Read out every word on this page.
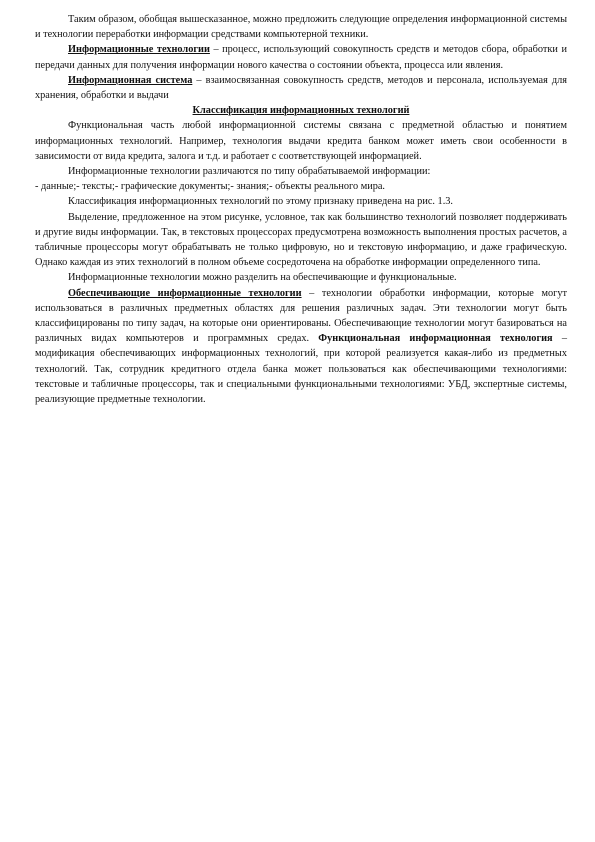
Таким образом, обобщая вышесказанное, можно предложить следующие определения информационной системы и технологии переработки информации средствами компьютерной техники.

Информационные технологии – процесс, использующий совокупность средств и методов сбора, обработки и передачи данных для получения информации нового качества о состоянии объекта, процесса или явления.

Информационная система – взаимосвязанная совокупность средств, методов и персонала, используемая для хранения, обработки и выдачи

Классификация информационных технологий

Функциональная часть любой информационной системы связана с предметной областью и понятием информационных технологий. Например, технология выдачи кредита банком может иметь свои особенности в зависимости от вида кредита, залога и т.д. и работает с соответствующей информацией.

Информационные технологии различаются по типу обрабатываемой информации:

- данные;- тексты;- графические документы;- знания;- объекты реального мира.

Классификация информационных технологий по этому признаку приведена на рис. 1.3.

Выделение, предложенное на этом рисунке, условное, так как большинство технологий позволяет поддерживать и другие виды информации. Так, в текстовых процессорах предусмотрена возможность выполнения простых расчетов, а табличные процессоры могут обрабатывать не только цифровую, но и текстовую информацию, и даже графическую. Однако каждая из этих технологий в полном объеме сосредоточена на обработке информации определенного типа.

Информационные технологии можно разделить на обеспечивающие и функциональные.

Обеспечивающие информационные технологии – технологии обработки информации, которые могут использоваться в различных предметных областях для решения различных задач. Эти технологии могут быть классифицированы по типу задач, на которые они ориентированы. Обеспечивающие технологии могут базироваться на различных видах компьютеров и программных средах. Функциональная информационная технология – модификация обеспечивающих информационных технологий, при которой реализуется какая-либо из предметных технологий. Так, сотрудник кредитного отдела банка может пользоваться как обеспечивающими технологиями: текстовые и табличные процессоры, так и специальными функциональными технологиями: УБД, экспертные системы, реализующие предметные технологии.
